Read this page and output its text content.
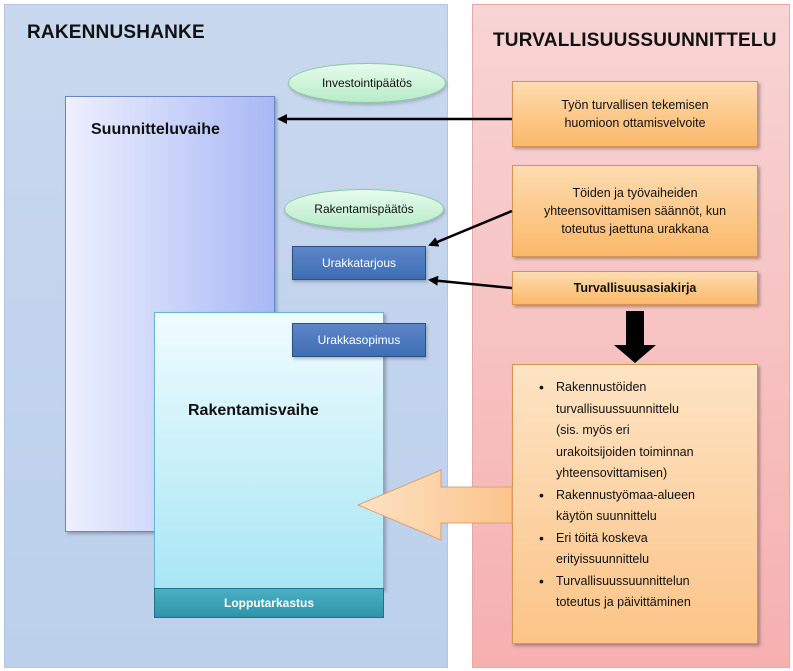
RAKENNUSHANKE	TURVALLISUUSSUUNNITTELU
Suunnitteluvaihe
Rakentamisvaihe
Investointipäätös
Rakentamispäätös
Urakkatarjous
Urakkasopimus
Lopputarkastus
Työn turvallisen tekemisen
huomioon ottamisvelvoite
Töiden ja työvaiheiden
yhteensovittamisen säännöt, kun
toteutus jaettuna urakkana
Turvallisuusasiakirja
• Rakennustöiden
turvallisuussuunnittelu
(sis. myös eri
urakoitsijoiden toiminnan
yhteensovittamisen)
• Rakennustyömaa-alueen
käytön suunnittelu
• Eri töitä koskeva
erityissuunnittelu
• Turvallisuussuunnittelun
toteutus ja päivittäminen
